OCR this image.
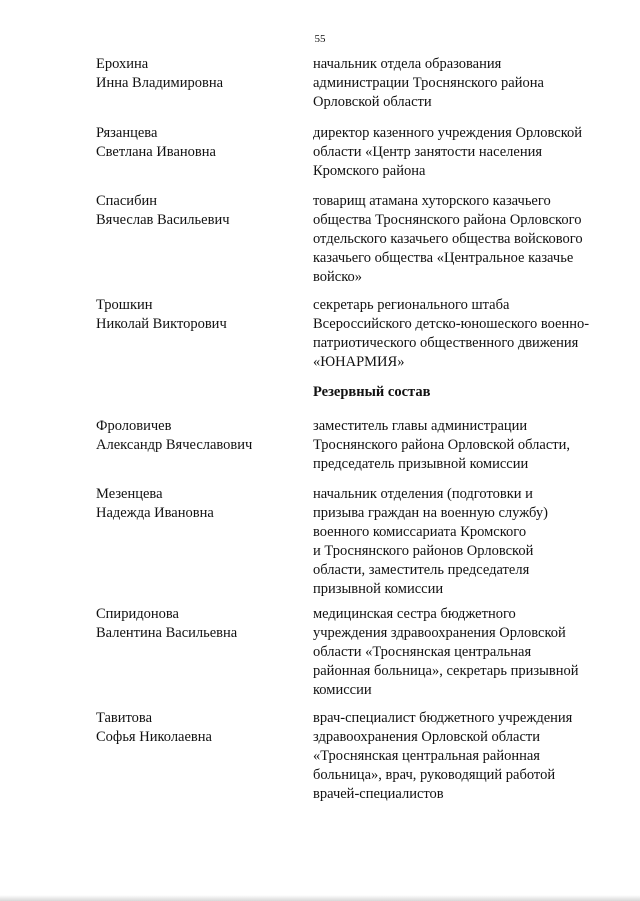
55
Ерохина
Инна Владимировна
начальник отдела образования
администрации Троснянского района
Орловской области
Рязанцева
Светлана Ивановна
директор казенного учреждения Орловской
области «Центр занятости населения
Кромского района
Спасибин
Вячеслав Васильевич
товарищ атамана хуторского казачьего
общества Троснянского района Орловского
отдельского казачьего общества войскового
казачьего общества «Центральное казачье
войско»
Трошкин
Николай Викторович
секретарь регионального штаба
Всероссийского детско-юношеского военно-
патриотического общественного движения
«ЮНАРМИЯ»
Резервный состав
Фроловичев
Александр Вячеславович
заместитель главы администрации
Троснянского района Орловской области,
председатель призывной комиссии
Мезенцева
Надежда Ивановна
начальник отделения (подготовки и
призыва граждан на военную службу)
военного комиссариата Кромского
и Троснянского районов Орловской
области, заместитель председателя
призывной комиссии
Спиридонова
Валентина Васильевна
медицинская сестра бюджетного
учреждения здравоохранения Орловской
области «Троснянская центральная
районная больница», секретарь призывной
комиссии
Тавитова
Софья Николаевна
врач-специалист бюджетного учреждения
здравоохранения Орловской области
«Троснянская центральная районная
больница», врач, руководящий работой
врачей-специалистов
